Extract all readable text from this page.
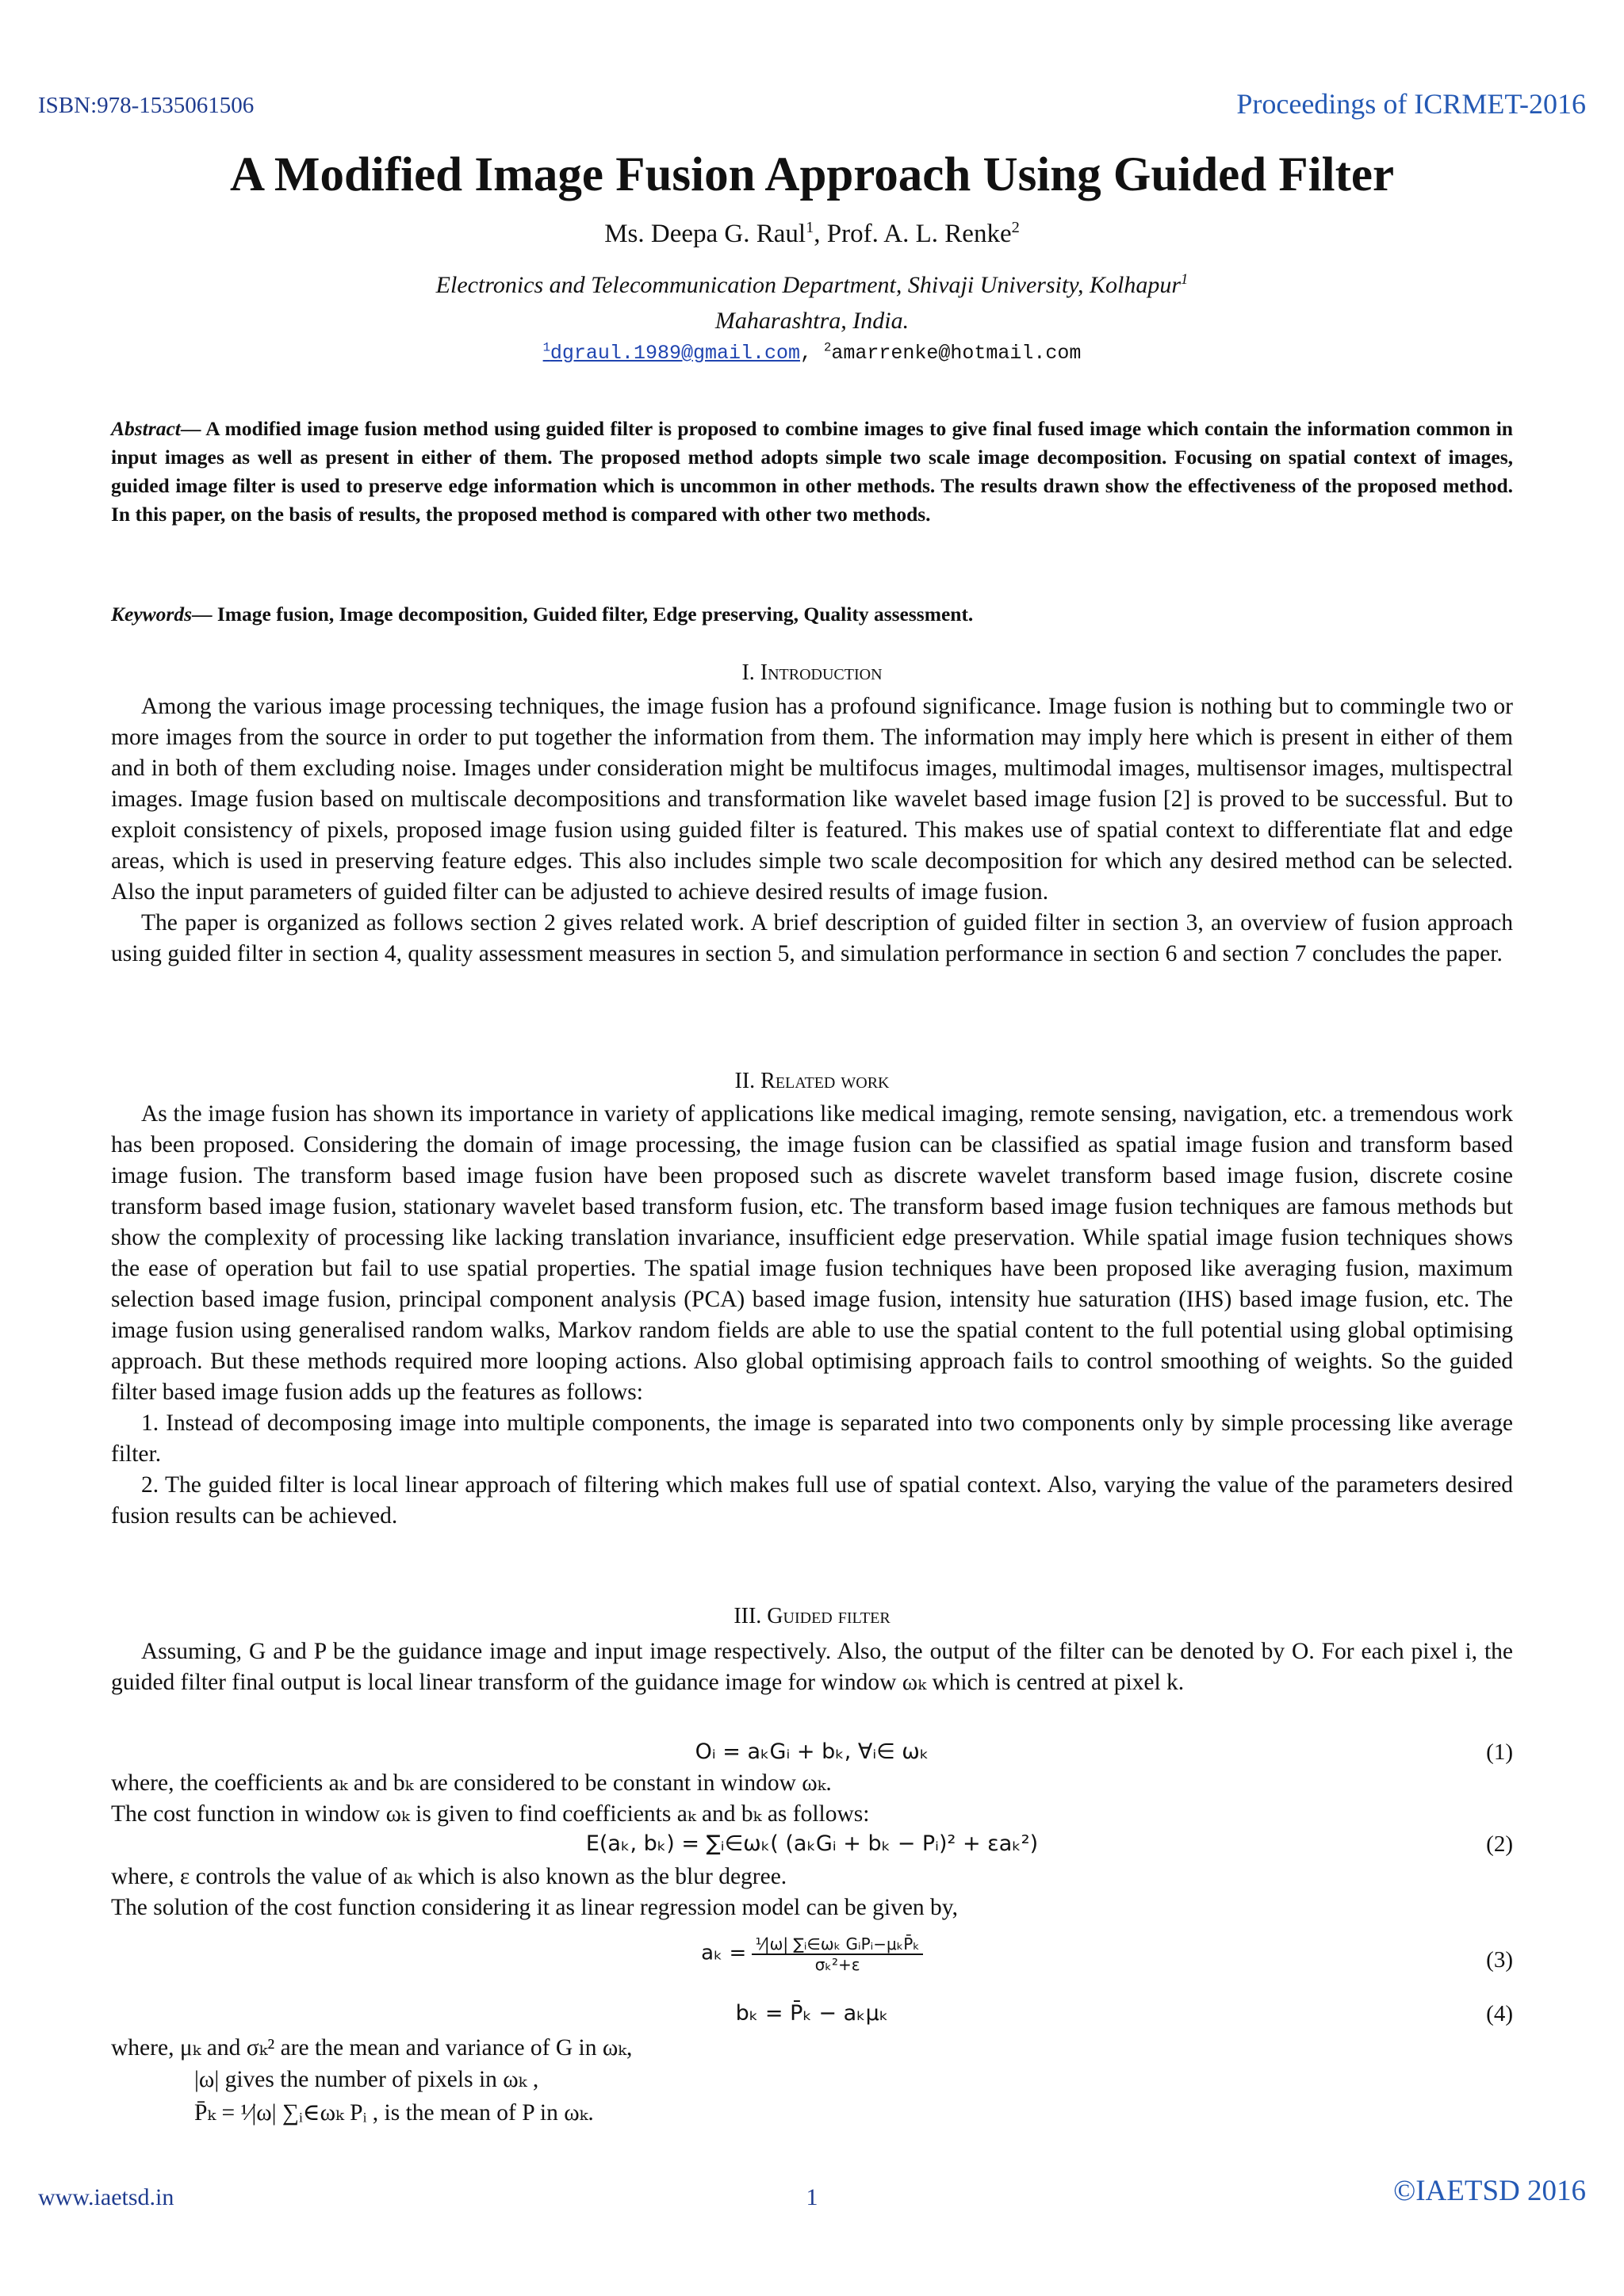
ISBN:978-1535061506	Proceedings of ICRMET-2016
A Modified Image Fusion Approach Using Guided Filter
Ms. Deepa G. Raul$^1$, Prof. A. L. Renke$^2$
Electronics and Telecommunication Department, Shivaji University, Kolhapur$^1$
Maharashtra, India.
$^1$dgraul.1989@gmail.com, $^2$amarrenke@hotmail.com
Abstract— A modified image fusion method using guided filter is proposed to combine images to give final fused image which contain the information common in input images as well as present in either of them. The proposed method adopts simple two scale image decomposition. Focusing on spatial context of images, guided image filter is used to preserve edge information which is uncommon in other methods. The results drawn show the effectiveness of the proposed method. In this paper, on the basis of results, the proposed method is compared with other two methods.
Keywords— Image fusion, Image decomposition, Guided filter, Edge preserving, Quality assessment.
I. Introduction

Among the various image processing techniques, the image fusion has a profound significance. Image fusion is nothing but to commingle two or more images from the source in order to put together the information from them. The information may imply here which is present in either of them and in both of them excluding noise. Images under consideration might be multifocus images, multimodal images, multisensor images, multispectral images. Image fusion based on multiscale decompositions and transformation like wavelet based image fusion [2] is proved to be successful. But to exploit consistency of pixels, proposed image fusion using guided filter is featured. This makes use of spatial context to differentiate flat and edge areas, which is used in preserving feature edges. This also includes simple two scale decomposition for which any desired method can be selected. Also the input parameters of guided filter can be adjusted to achieve desired results of image fusion.

The paper is organized as follows section 2 gives related work. A brief description of guided filter in section 3, an overview of fusion approach using guided filter in section 4, quality assessment measures in section 5, and simulation performance in section 6 and section 7 concludes the paper.

II. Related work

As the image fusion has shown its importance in variety of applications like medical imaging, remote sensing, navigation, etc. a tremendous work has been proposed. Considering the domain of image processing, the image fusion can be classified as spatial image fusion and transform based image fusion. The transform based image fusion have been proposed such as discrete wavelet transform based image fusion, discrete cosine transform based image fusion, stationary wavelet based transform fusion, etc. The transform based image fusion techniques are famous methods but show the complexity of processing like lacking translation invariance, insufficient edge preservation. While spatial image fusion techniques shows the ease of operation but fail to use spatial properties. The spatial image fusion techniques have been proposed like averaging fusion, maximum selection based image fusion, principal component analysis (PCA) based image fusion, intensity hue saturation (IHS) based image fusion, etc. The image fusion using generalised random walks, Markov random fields are able to use the spatial content to the full potential using global optimising approach. But these methods required more looping actions. Also global optimising approach fails to control smoothing of weights. So the guided filter based image fusion adds up the features as follows:

1. Instead of decomposing image into multiple components, the image is separated into two components only by simple processing like average filter.

2. The guided filter is local linear approach of filtering which makes full use of spatial context. Also, varying the value of the parameters desired fusion results can be achieved.

III. Guided filter

Assuming, G and P be the guidance image and input image respectively. Also, the output of the filter can be denoted by O. For each pixel i, the guided filter final output is local linear transform of the guidance image for window ωₖ which is centred at pixel k.

Oᵢ = aₖGᵢ + bₖ, ∀ᵢ∈ ωₖ	(1)
where, the coefficients aₖ and bₖ are considered to be constant in window ωₖ.
The cost function in window ωₖ is given to find coefficients aₖ and bₖ as follows:
E(aₖ, bₖ) = ∑ᵢ∈ωₖ( (aₖGᵢ + bₖ − Pᵢ)² + εaₖ²)	(2)
where, ε controls the value of aₖ which is also known as the blur degree.
The solution of the cost function considering it as linear regression model can be given by,
$a_k = \frac{\text{¹⁄|ω| ∑ᵢ∈ωₖ GᵢPᵢ−μₖP̄ₖ}}{\text{σₖ²+ε}}$	(3)
bₖ = P̄ₖ − aₖμₖ	(4)
where, μₖ and σₖ² are the mean and variance of G in ωₖ,
|ω| gives the number of pixels in ωₖ ,
P̄ₖ = ¹⁄|ω| ∑ᵢ∈ωₖ Pᵢ , is the mean of P in ωₖ.
www.iaetsd.in	1	©IAETSD 2016
